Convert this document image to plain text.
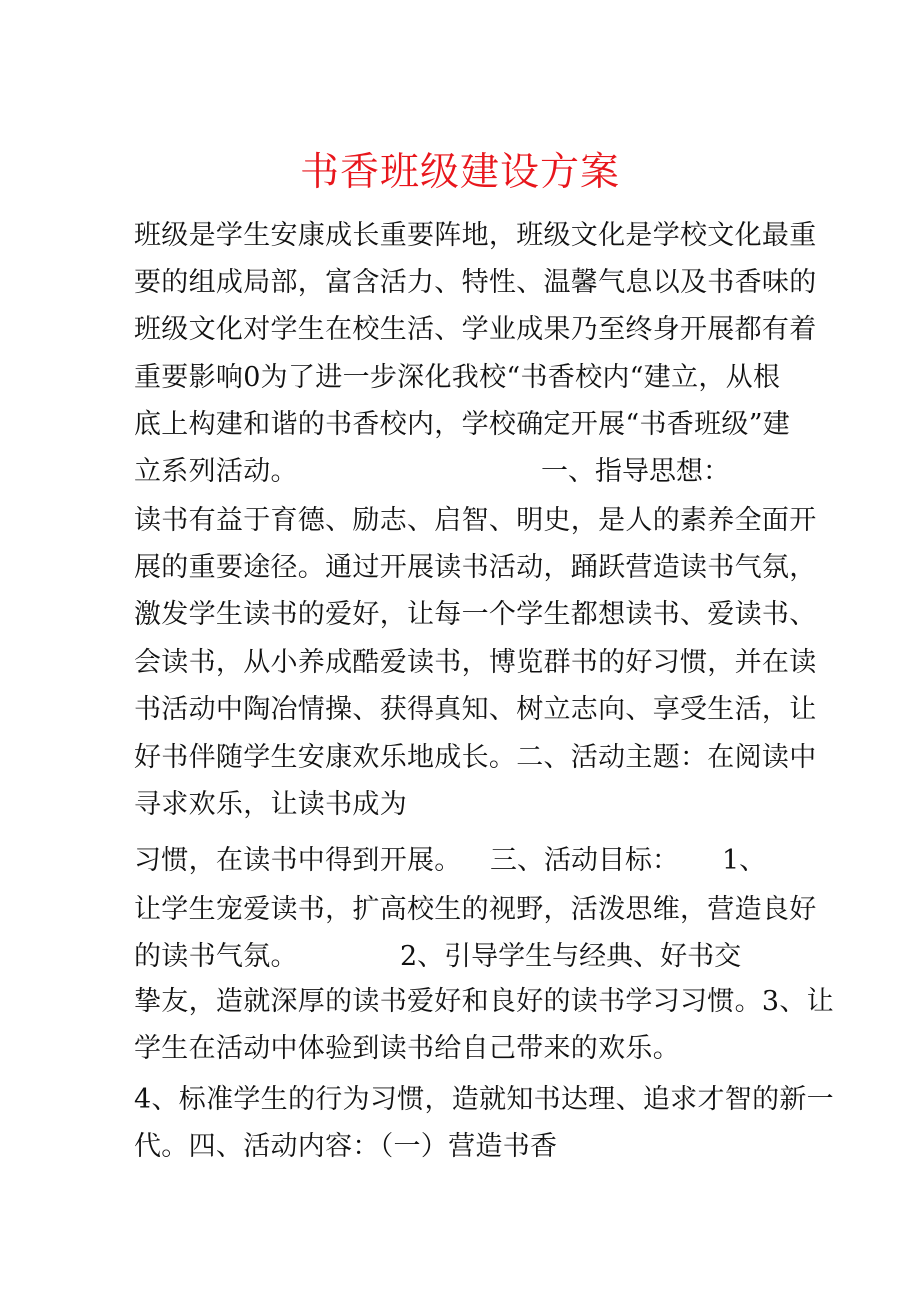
书香班级建设方案
班级是学生安康成长重要阵地，班级文化是学校文化最重
要的组成局部，富含活力、特性、温馨气息以及书香味的
班级文化对学生在校生活、学业成果乃至终身开展都有着
重要影响0为了进一步深化我校“书香校内“建立，从根
底上构建和谐的书香校内，学校确定开展“书香班级”建
立系列活动。	一、指导思想：
读书有益于育德、励志、启智、明史，是人的素养全面开
展的重要途径。通过开展读书活动，踊跃营造读书气氛，
激发学生读书的爱好，让每一个学生都想读书、爱读书、
会读书，从小养成酷爱读书，博览群书的好习惯，并在读
书活动中陶冶情操、获得真知、树立志向、享受生活，让
好书伴随学生安康欢乐地成长。二、活动主题：在阅读中
寻求欢乐，让读书成为
习惯，在读书中得到开展。 三、活动目标： 1、
让学生宠爱读书，扩高校生的视野，活泼思维，营造良好
的读书气氛。	2、引导学生与经典、好书交
挚友，造就深厚的读书爱好和良好的读书学习习惯。3、让
学生在活动中体验到读书给自己带来的欢乐。
4、标准学生的行为习惯，造就知书达理、追求才智的新一
代。四、活动内容：（一）营造书香
